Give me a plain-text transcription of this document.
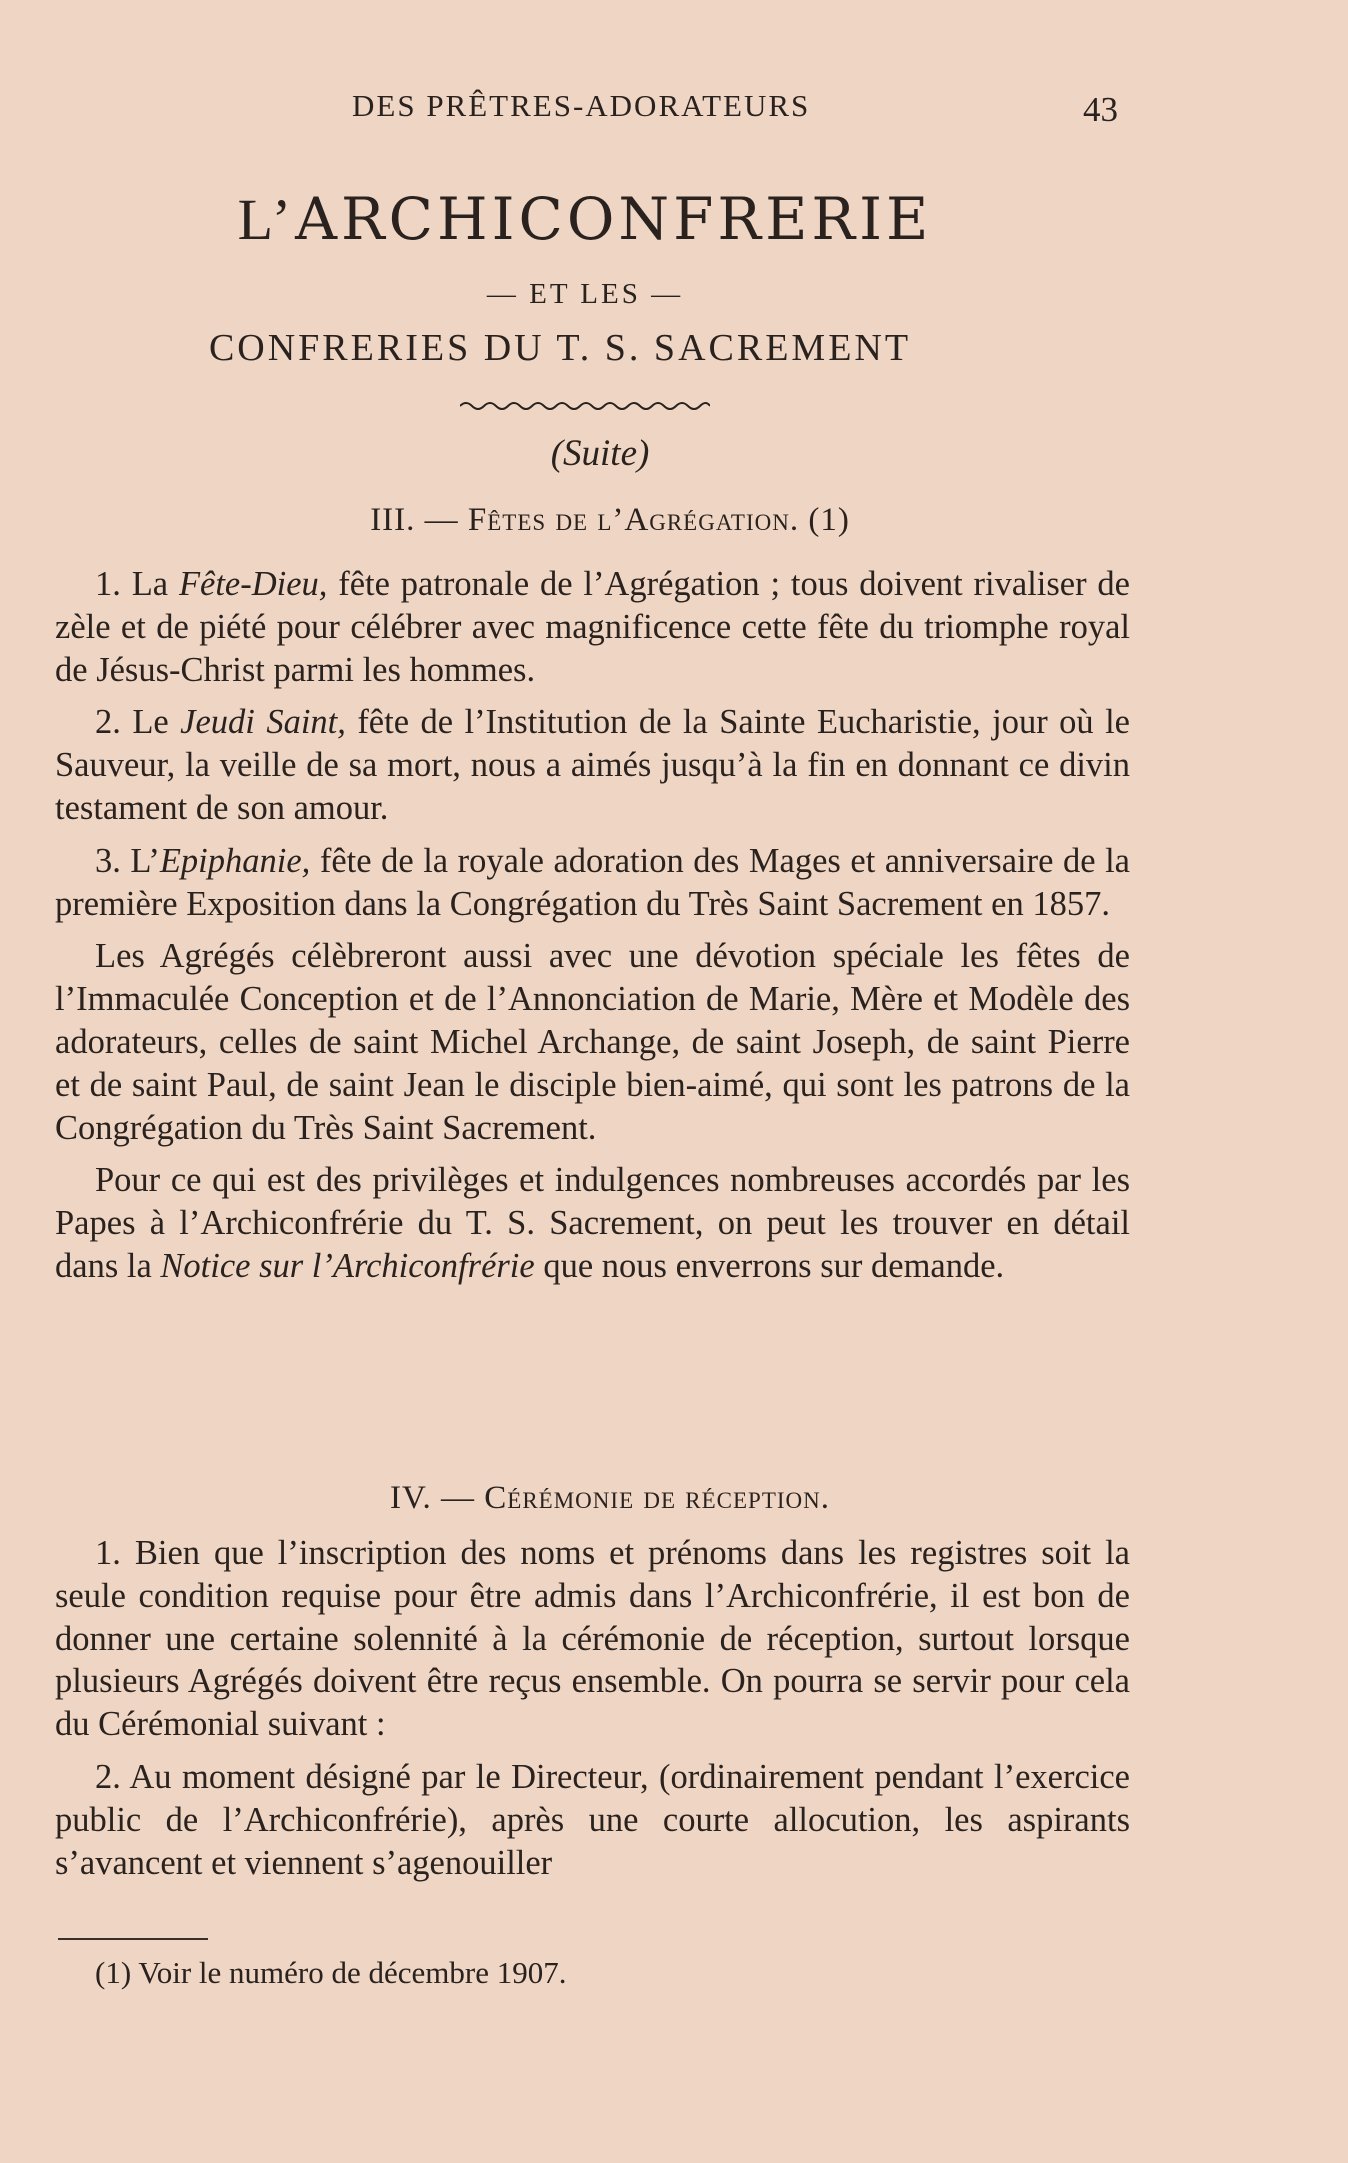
DES PRÊTRES-ADORATEURS	43
L’ARCHICONFRERIE
— ET LES —
CONFRERIES DU T. S. SACREMENT
(Suite)
III. — Fêtes de l’Agrégation. (1)

1. La Fête-Dieu, fête patronale de l’Agrégation ; tous doivent rivaliser de zèle et de piété pour célébrer avec magnificence cette fête du triomphe royal de Jésus-Christ parmi les hommes.

2. Le Jeudi Saint, fête de l’Institution de la Sainte Eucharistie, jour où le Sauveur, la veille de sa mort, nous a aimés jusqu’à la fin en donnant ce divin testament de son amour.

3. L’Epiphanie, fête de la royale adoration des Mages et anniversaire de la première Exposition dans la Congrégation du Très Saint Sacrement en 1857.

Les Agrégés célèbreront aussi avec une dévotion spéciale les fêtes de l’Immaculée Conception et de l’Annonciation de Marie, Mère et Modèle des adorateurs, celles de saint Michel Archange, de saint Joseph, de saint Pierre et de saint Paul, de saint Jean le disciple bien-aimé, qui sont les patrons de la Congrégation du Très Saint Sacrement.

Pour ce qui est des privilèges et indulgences nombreuses accordés par les Papes à l’Archiconfrérie du T. S. Sacrement, on peut les trouver en détail dans la Notice sur l’Archiconfrérie que nous enverrons sur demande.

IV. — Cérémonie de réception.

1. Bien que l’inscription des noms et prénoms dans les registres soit la seule condition requise pour être admis dans l’Archiconfrérie, il est bon de donner une certaine solennité à la cérémonie de réception, surtout lorsque plusieurs Agrégés doivent être reçus ensemble. On pourra se servir pour cela du Cérémonial suivant :

2. Au moment désigné par le Directeur, (ordinairement pendant l’exercice public de l’Archiconfrérie), après une courte allocution, les aspirants s’avancent et viennent s’agenouiller

(1) Voir le numéro de décembre 1907.
